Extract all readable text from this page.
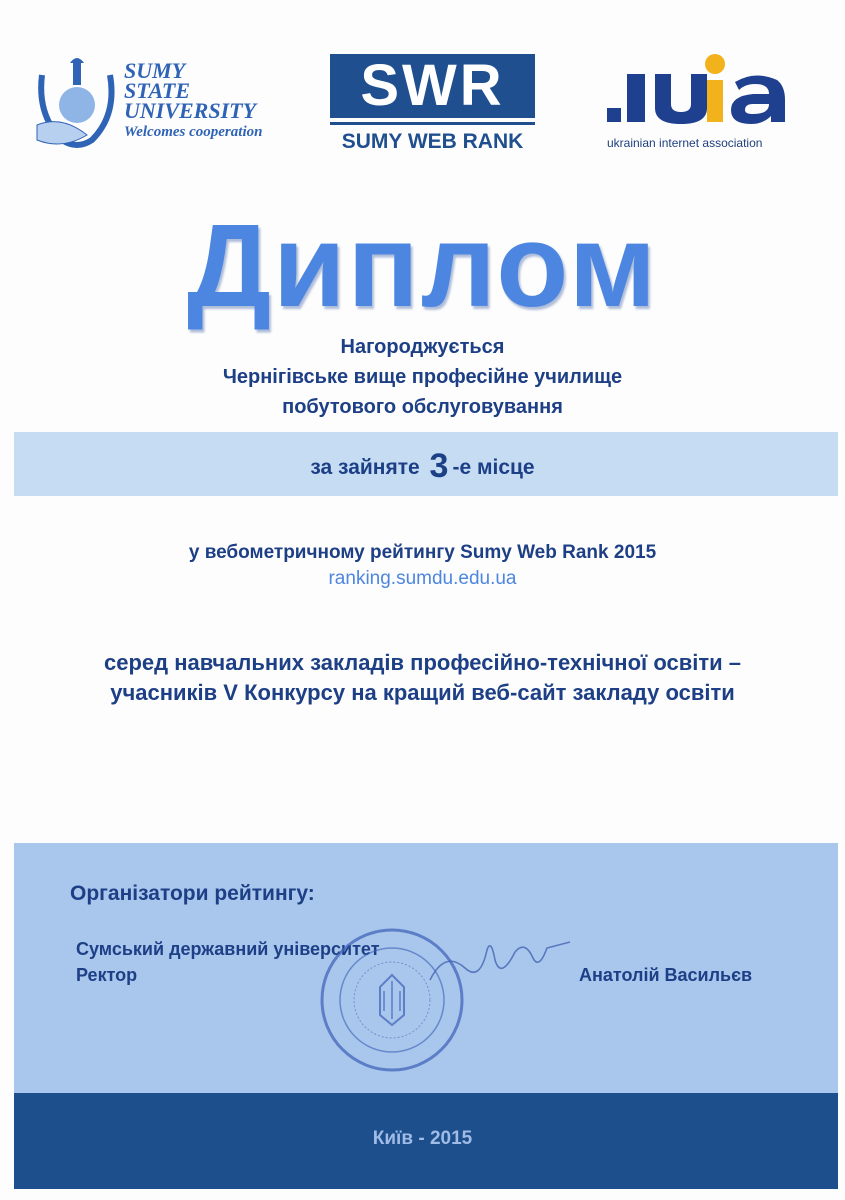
SUMY
STATE
UNIVERSITY
Welcomes cooperation
SWR
SUMY WEB RANK	ukrainian internet association
Диплом
Нагороджується
Чернігівське вище професійне училище
побутового обслуговування
за зайняте 3 -е місце
у вебометричному рейтингу Sumy Web Rank 2015
ranking.sumdu.edu.ua
серед навчальних закладів професійно-технічної освіти –
учасників V Конкурсу на кращий веб-сайт закладу освіти
Організатори рейтингу:
Сумський державний університет
Ректор	Анатолій Васильєв
Київ - 2015
